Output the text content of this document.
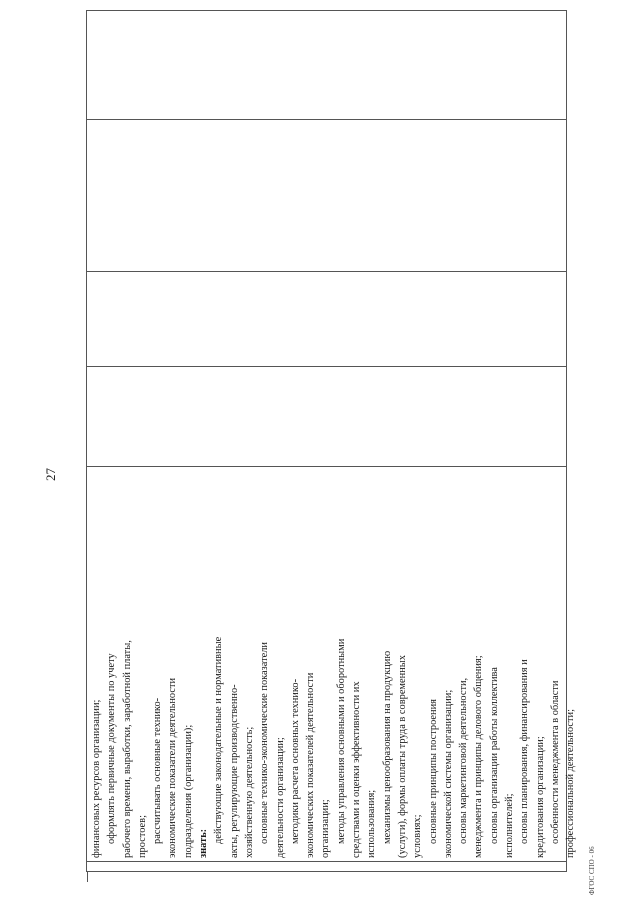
27
финансовых ресурсов организации; оформлять первичные документы по учету рабочего времени, выработки, заработной платы, простоев; рассчитывать основные технико- экономические показатели деятельности подразделения (организации); знать: действующие законодательные и нормативные акты, регулирующие производственно- хозяйственную деятельность; основные технико-экономические показатели деятельности организации; методики расчета основных технико- экономических показателей деятельности организации; методы управления основными и оборотными средствами и оценки эффективности их использования; механизмы ценообразования на продукцию (услуги), формы оплаты труда в современных условиях; основные принципы построения экономической системы организации; основы маркетинговой деятельности, менеджмента и принципы делового общения; основы организации работы коллектива исполнителей; основы планирования, финансирования и кредитования организации; особенности менеджмента в области профессиональной деятельности;
ФГОС СПО - 06
